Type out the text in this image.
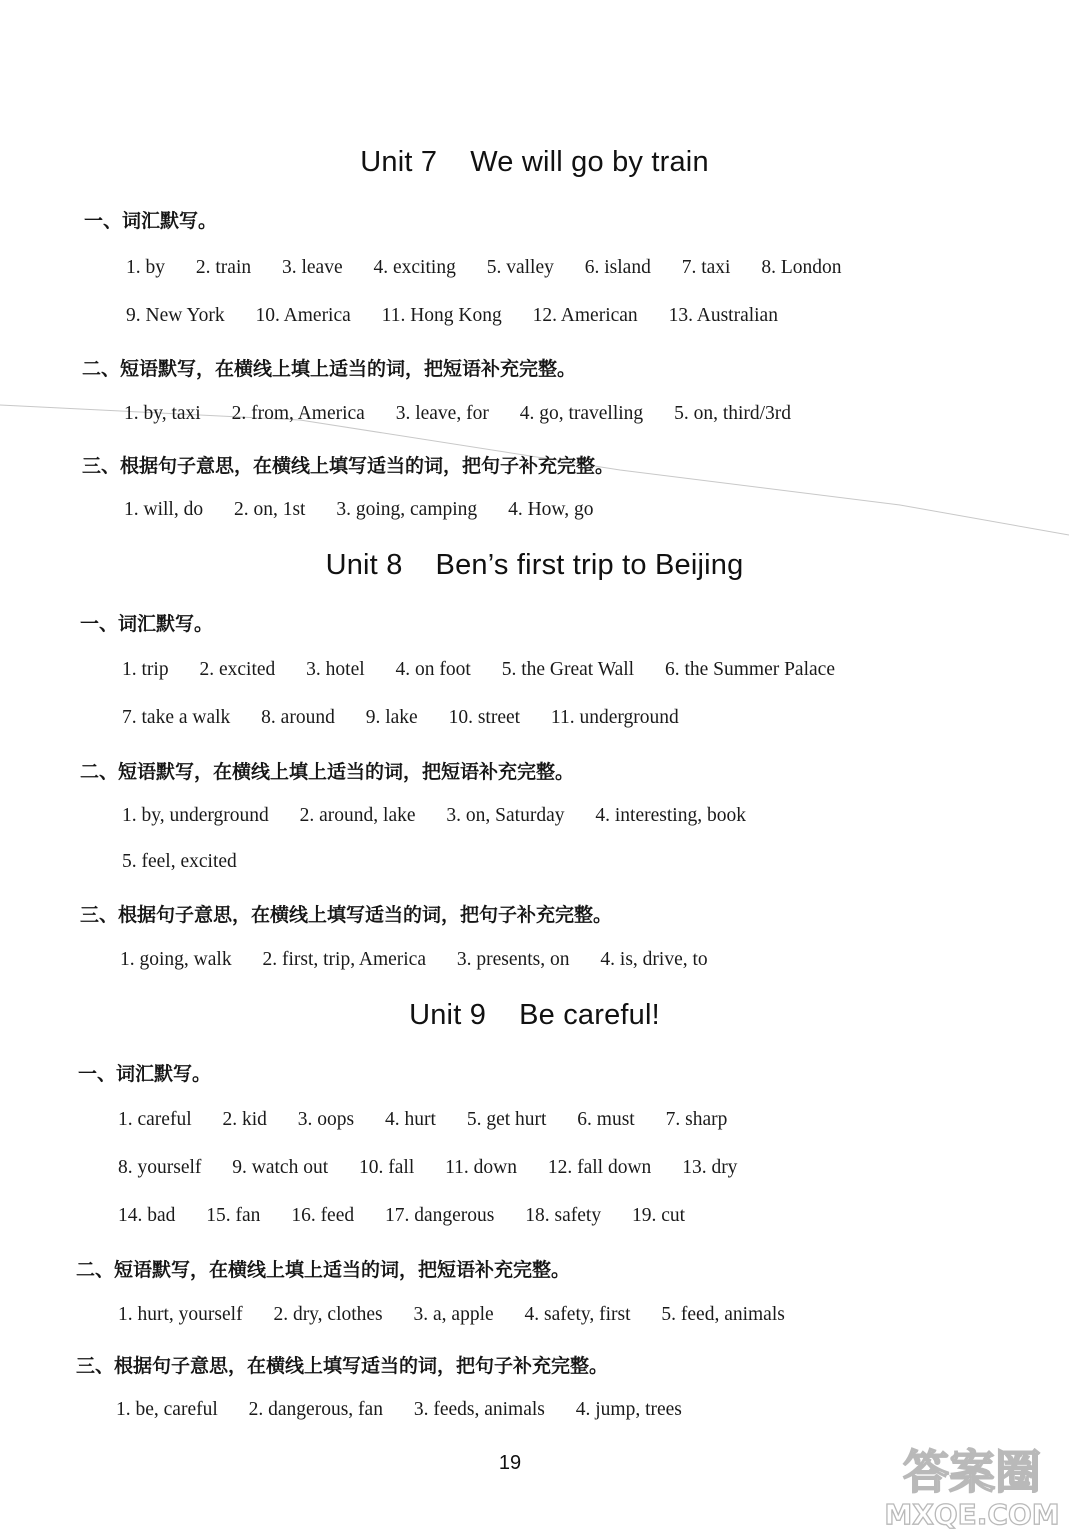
Unit 7    We will go by train
一、词汇默写。
1. by 2. train 3. leave 4. exciting 5. valley 6. island 7. taxi 8. London
9. New York 10. America 11. Hong Kong 12. American 13. Australian
二、短语默写，在横线上填上适当的词，把短语补充完整。
1. by, taxi 2. from, America 3. leave, for 4. go, travelling 5. on, third/3rd
三、根据句子意思，在横线上填写适当的词，把句子补充完整。
1. will, do 2. on, 1st 3. going, camping 4. How, go
Unit 8    Ben’s first trip to Beijing
一、词汇默写。
1. trip 2. excited 3. hotel 4. on foot 5. the Great Wall 6. the Summer Palace
7. take a walk 8. around 9. lake 10. street 11. underground
二、短语默写，在横线上填上适当的词，把短语补充完整。
1. by, underground 2. around, lake 3. on, Saturday 4. interesting, book
5. feel, excited
三、根据句子意思，在横线上填写适当的词，把句子补充完整。
1. going, walk 2. first, trip, America 3. presents, on 4. is, drive, to
Unit 9    Be careful!
一、词汇默写。
1. careful 2. kid 3. oops 4. hurt 5. get hurt 6. must 7. sharp
8. yourself 9. watch out 10. fall 11. down 12. fall down 13. dry
14. bad 15. fan 16. feed 17. dangerous 18. safety 19. cut
二、短语默写，在横线上填上适当的词，把短语补充完整。
1. hurt, yourself 2. dry, clothes 3. a, apple 4. safety, first 5. feed, animals
三、根据句子意思，在横线上填写适当的词，把句子补充完整。
1. be, careful 2. dangerous, fan 3. feeds, animals 4. jump, trees
19	答案圈
MXQE.COM
